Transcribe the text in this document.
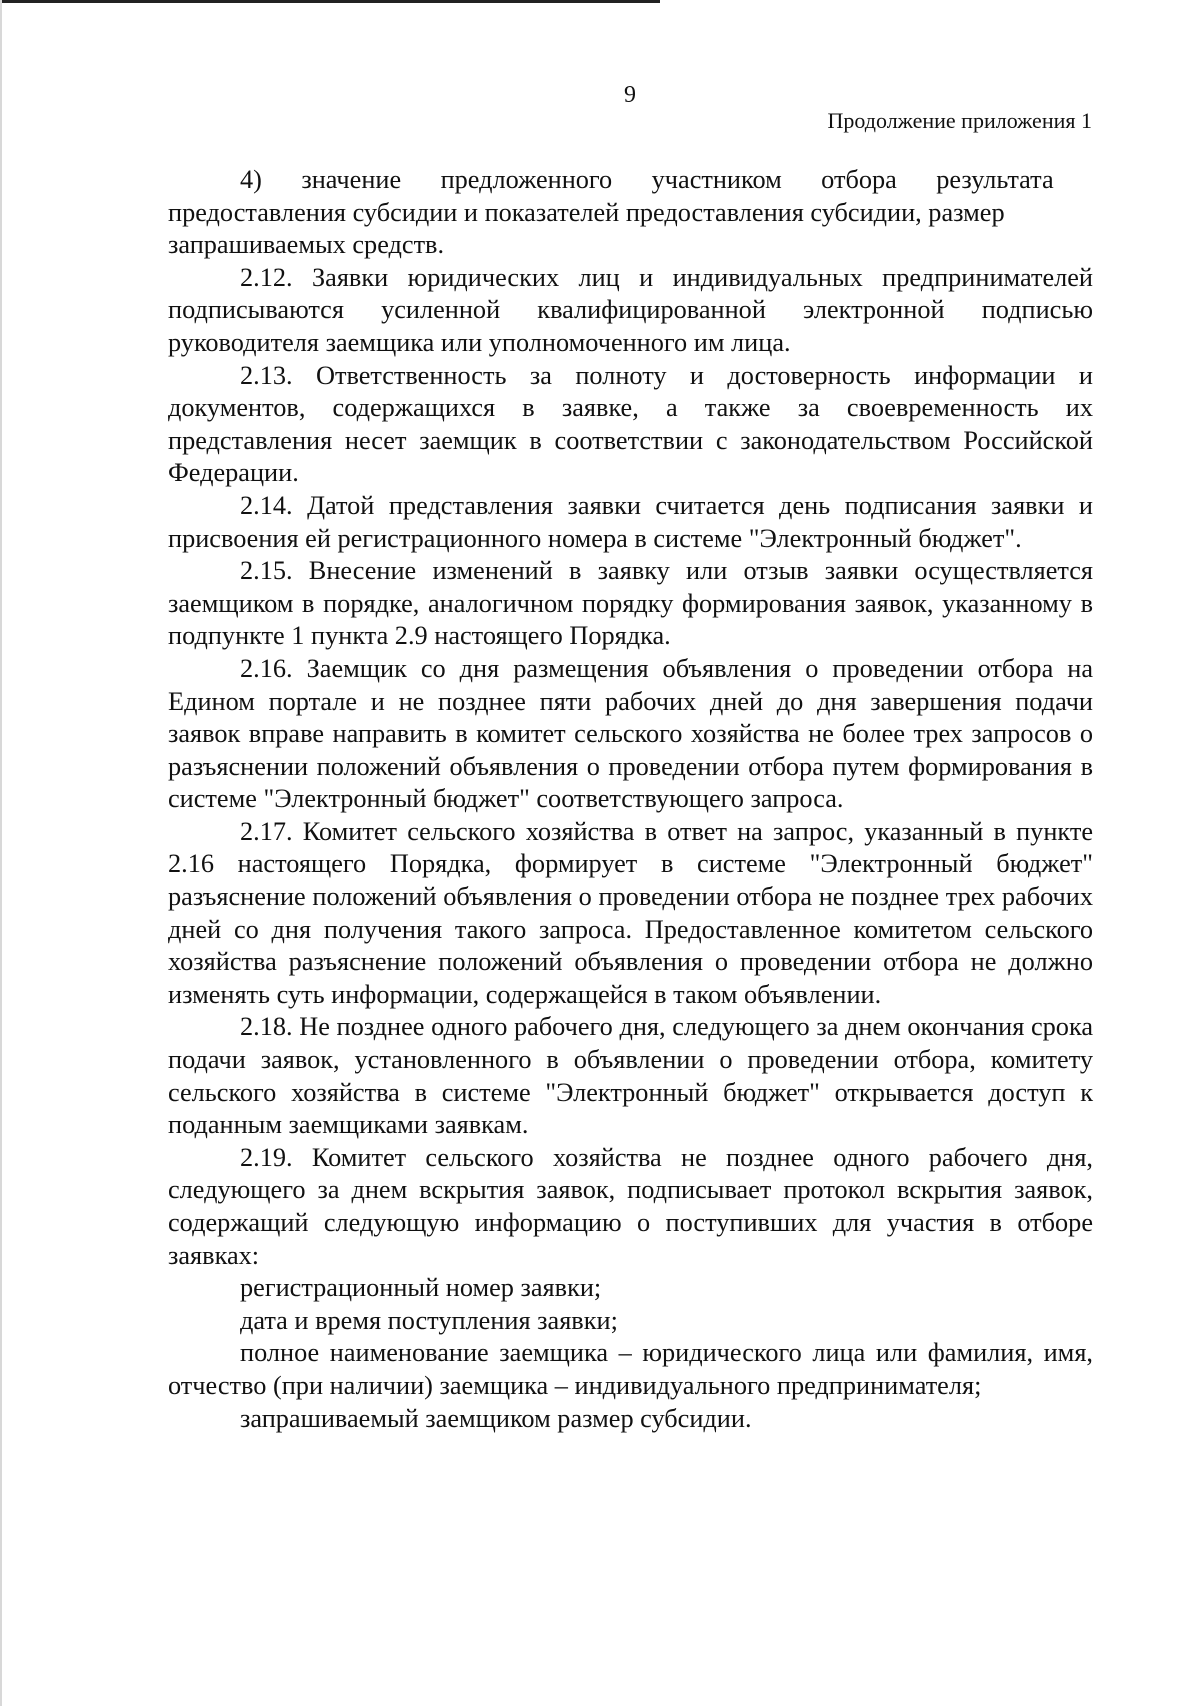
9
Продолжение приложения 1

4)      значение      предложенного      участником      отбора      результата
предоставления субсидии и показателей предоставления субсидии, размер
запрашиваемых средств.

2.12. Заявки юридических лиц и индивидуальных предпринимателей подписываются усиленной квалифицированной электронной подписью руководителя заемщика или уполномоченного им лица.

2.13. Ответственность за полноту и достоверность информации и документов, содержащихся в заявке, а также за своевременность их представления несет заемщик в соответствии с законодательством Российской Федерации.

2.14. Датой представления заявки считается день подписания заявки и присвоения ей регистрационного номера в системе "Электронный бюджет".

2.15. Внесение изменений в заявку или отзыв заявки осуществляется заемщиком в порядке, аналогичном порядку формирования заявок, указанному в подпункте 1 пункта 2.9 настоящего Порядка.

2.16. Заемщик со дня размещения объявления о проведении отбора на Едином портале и не позднее пяти рабочих дней до дня завершения подачи заявок вправе направить в комитет сельского хозяйства не более трех запросов о разъяснении положений объявления о проведении отбора путем формирования в системе "Электронный бюджет" соответствующего запроса.

2.17. Комитет сельского хозяйства в ответ на запрос, указанный в пункте 2.16 настоящего Порядка, формирует в системе "Электронный бюджет" разъяснение положений объявления о проведении отбора не позднее трех рабочих дней со дня получения такого запроса. Предоставленное комитетом сельского хозяйства разъяснение положений объявления о проведении отбора не должно изменять суть информации, содержащейся в таком объявлении.

2.18. Не позднее одного рабочего дня, следующего за днем окончания срока подачи заявок, установленного в объявлении о проведении отбора, комитету сельского хозяйства в системе "Электронный бюджет" открывается доступ к поданным заемщиками заявкам.

2.19. Комитет сельского хозяйства не позднее одного рабочего дня, следующего за днем вскрытия заявок, подписывает протокол вскрытия заявок, содержащий следующую информацию о поступивших для участия в отборе заявках:

регистрационный номер заявки;

дата и время поступления заявки;

полное наименование заемщика – юридического лица или фамилия, имя, отчество (при наличии) заемщика – индивидуального предпринимателя;

запрашиваемый заемщиком размер субсидии.
